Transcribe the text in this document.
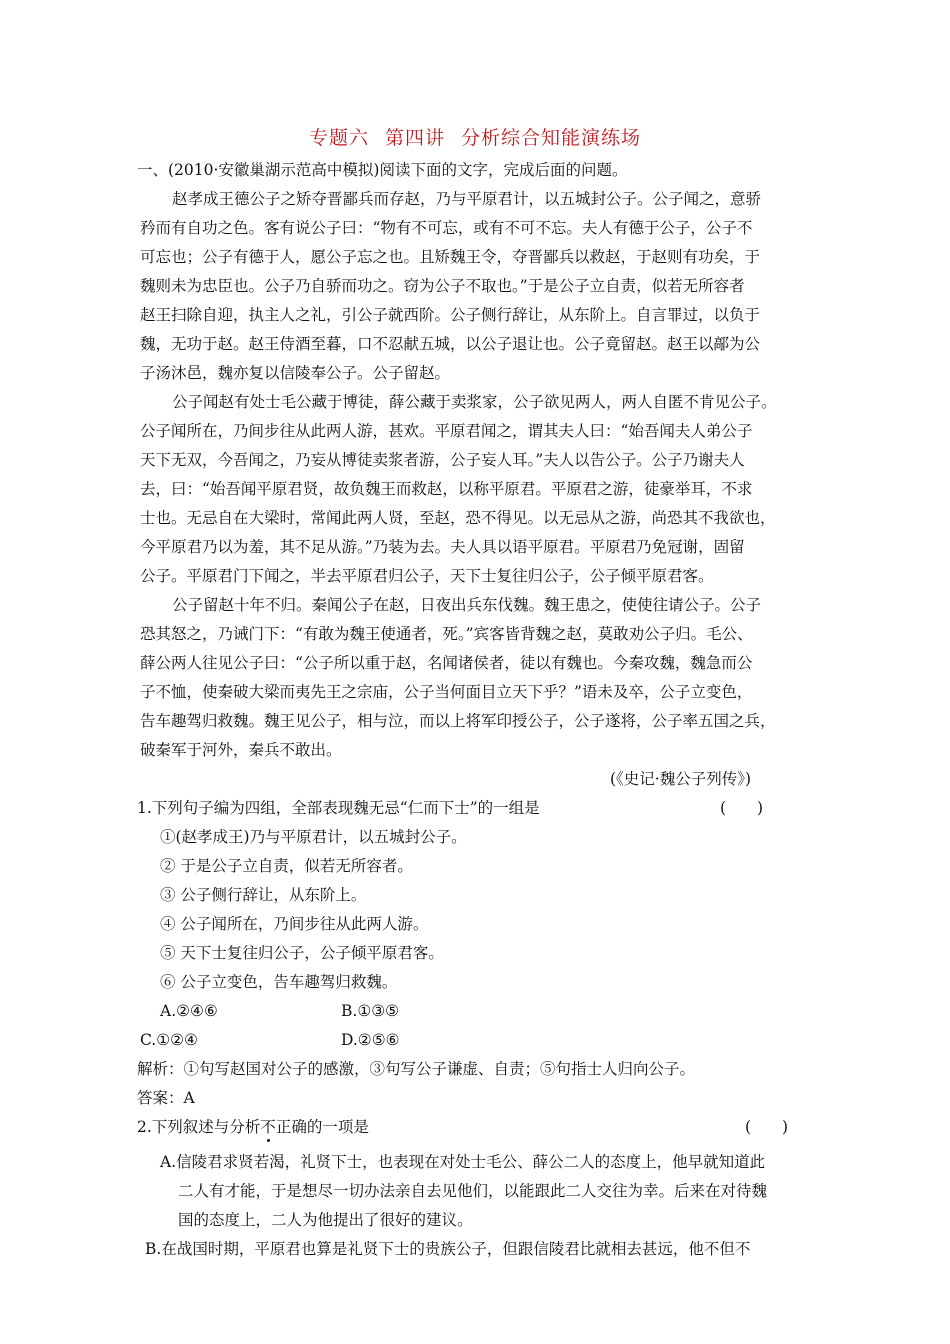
专题六 第四讲 分析综合知能演练场
一、(2010·安徽巢湖示范高中模拟)阅读下面的文字，完成后面的问题。
赵孝成王德公子之矫夺晋鄙兵而存赵，乃与平原君计，以五城封公子。公子闻之，意骄
矜而有自功之色。客有说公子曰：“物有不可忘，或有不可不忘。夫人有德于公子，公子不
可忘也；公子有德于人，愿公子忘之也。且矫魏王令，夺晋鄙兵以救赵，于赵则有功矣，于
魏则未为忠臣也。公子乃自骄而功之。窃为公子不取也。”于是公子立自责，似若无所容者
赵王扫除自迎，执主人之礼，引公子就西阶。公子侧行辞让，从东阶上。自言罪过，以负于
魏，无功于赵。赵王侍酒至暮，口不忍献五城，以公子退让也。公子竟留赵。赵王以鄗为公
子汤沐邑，魏亦复以信陵奉公子。公子留赵。
公子闻赵有处士毛公藏于博徒，薛公藏于卖浆家，公子欲见两人，两人自匿不肯见公子。
公子闻所在，乃间步往从此两人游，甚欢。平原君闻之，谓其夫人曰：“始吾闻夫人弟公子
天下无双，今吾闻之，乃妄从博徒卖浆者游，公子妄人耳。”夫人以告公子。公子乃谢夫人
去，曰：“始吾闻平原君贤，故负魏王而救赵，以称平原君。平原君之游，徒豪举耳，不求
士也。无忌自在大梁时，常闻此两人贤，至赵，恐不得见。以无忌从之游，尚恐其不我欲也，
今平原君乃以为羞，其不足从游。”乃装为去。夫人具以语平原君。平原君乃免冠谢，固留
公子。平原君门下闻之，半去平原君归公子，天下士复往归公子，公子倾平原君客。
公子留赵十年不归。秦闻公子在赵，日夜出兵东伐魏。魏王患之，使使往请公子。公子
恐其怒之，乃诫门下：“有敢为魏王使通者，死。”宾客皆背魏之赵，莫敢劝公子归。毛公、
薛公两人往见公子曰：“公子所以重于赵，名闻诸侯者，徒以有魏也。今秦攻魏，魏急而公
子不恤，使秦破大梁而夷先王之宗庙，公子当何面目立天下乎？”语未及卒，公子立变色，
告车趣驾归救魏。魏王见公子，相与泣，而以上将军印授公子，公子遂将，公子率五国之兵，
破秦军于河外，秦兵不敢出。
(《史记·魏公子列传》)
1.下列句子编为四组，全部表现魏无忌“仁而下士”的一组是	(　　)
①(赵孝成王)乃与平原君计，以五城封公子。
② 于是公子立自责，似若无所容者。
③ 公子侧行辞让，从东阶上。
④ 公子闻所在，乃间步往从此两人游。
⑤ 天下士复往归公子，公子倾平原君客。
⑥ 公子立变色，告车趣驾归救魏。
A.②④⑥	B.①③⑤
C.①②④	D.②⑤⑥
解析：①句写赵国对公子的感激，③句写公子谦虚、自责；⑤句指士人归向公子。
答案：A
2.下列叙述与分析不正确的一项是	(　　)
A.信陵君求贤若渴，礼贤下士，也表现在对处士毛公、薛公二人的态度上，他早就知道此
二人有才能，于是想尽一切办法亲自去见他们，以能跟此二人交往为幸。后来在对待魏
国的态度上，二人为他提出了很好的建议。
B.在战国时期，平原君也算是礼贤下士的贵族公子，但跟信陵君比就相去甚远，他不但不
